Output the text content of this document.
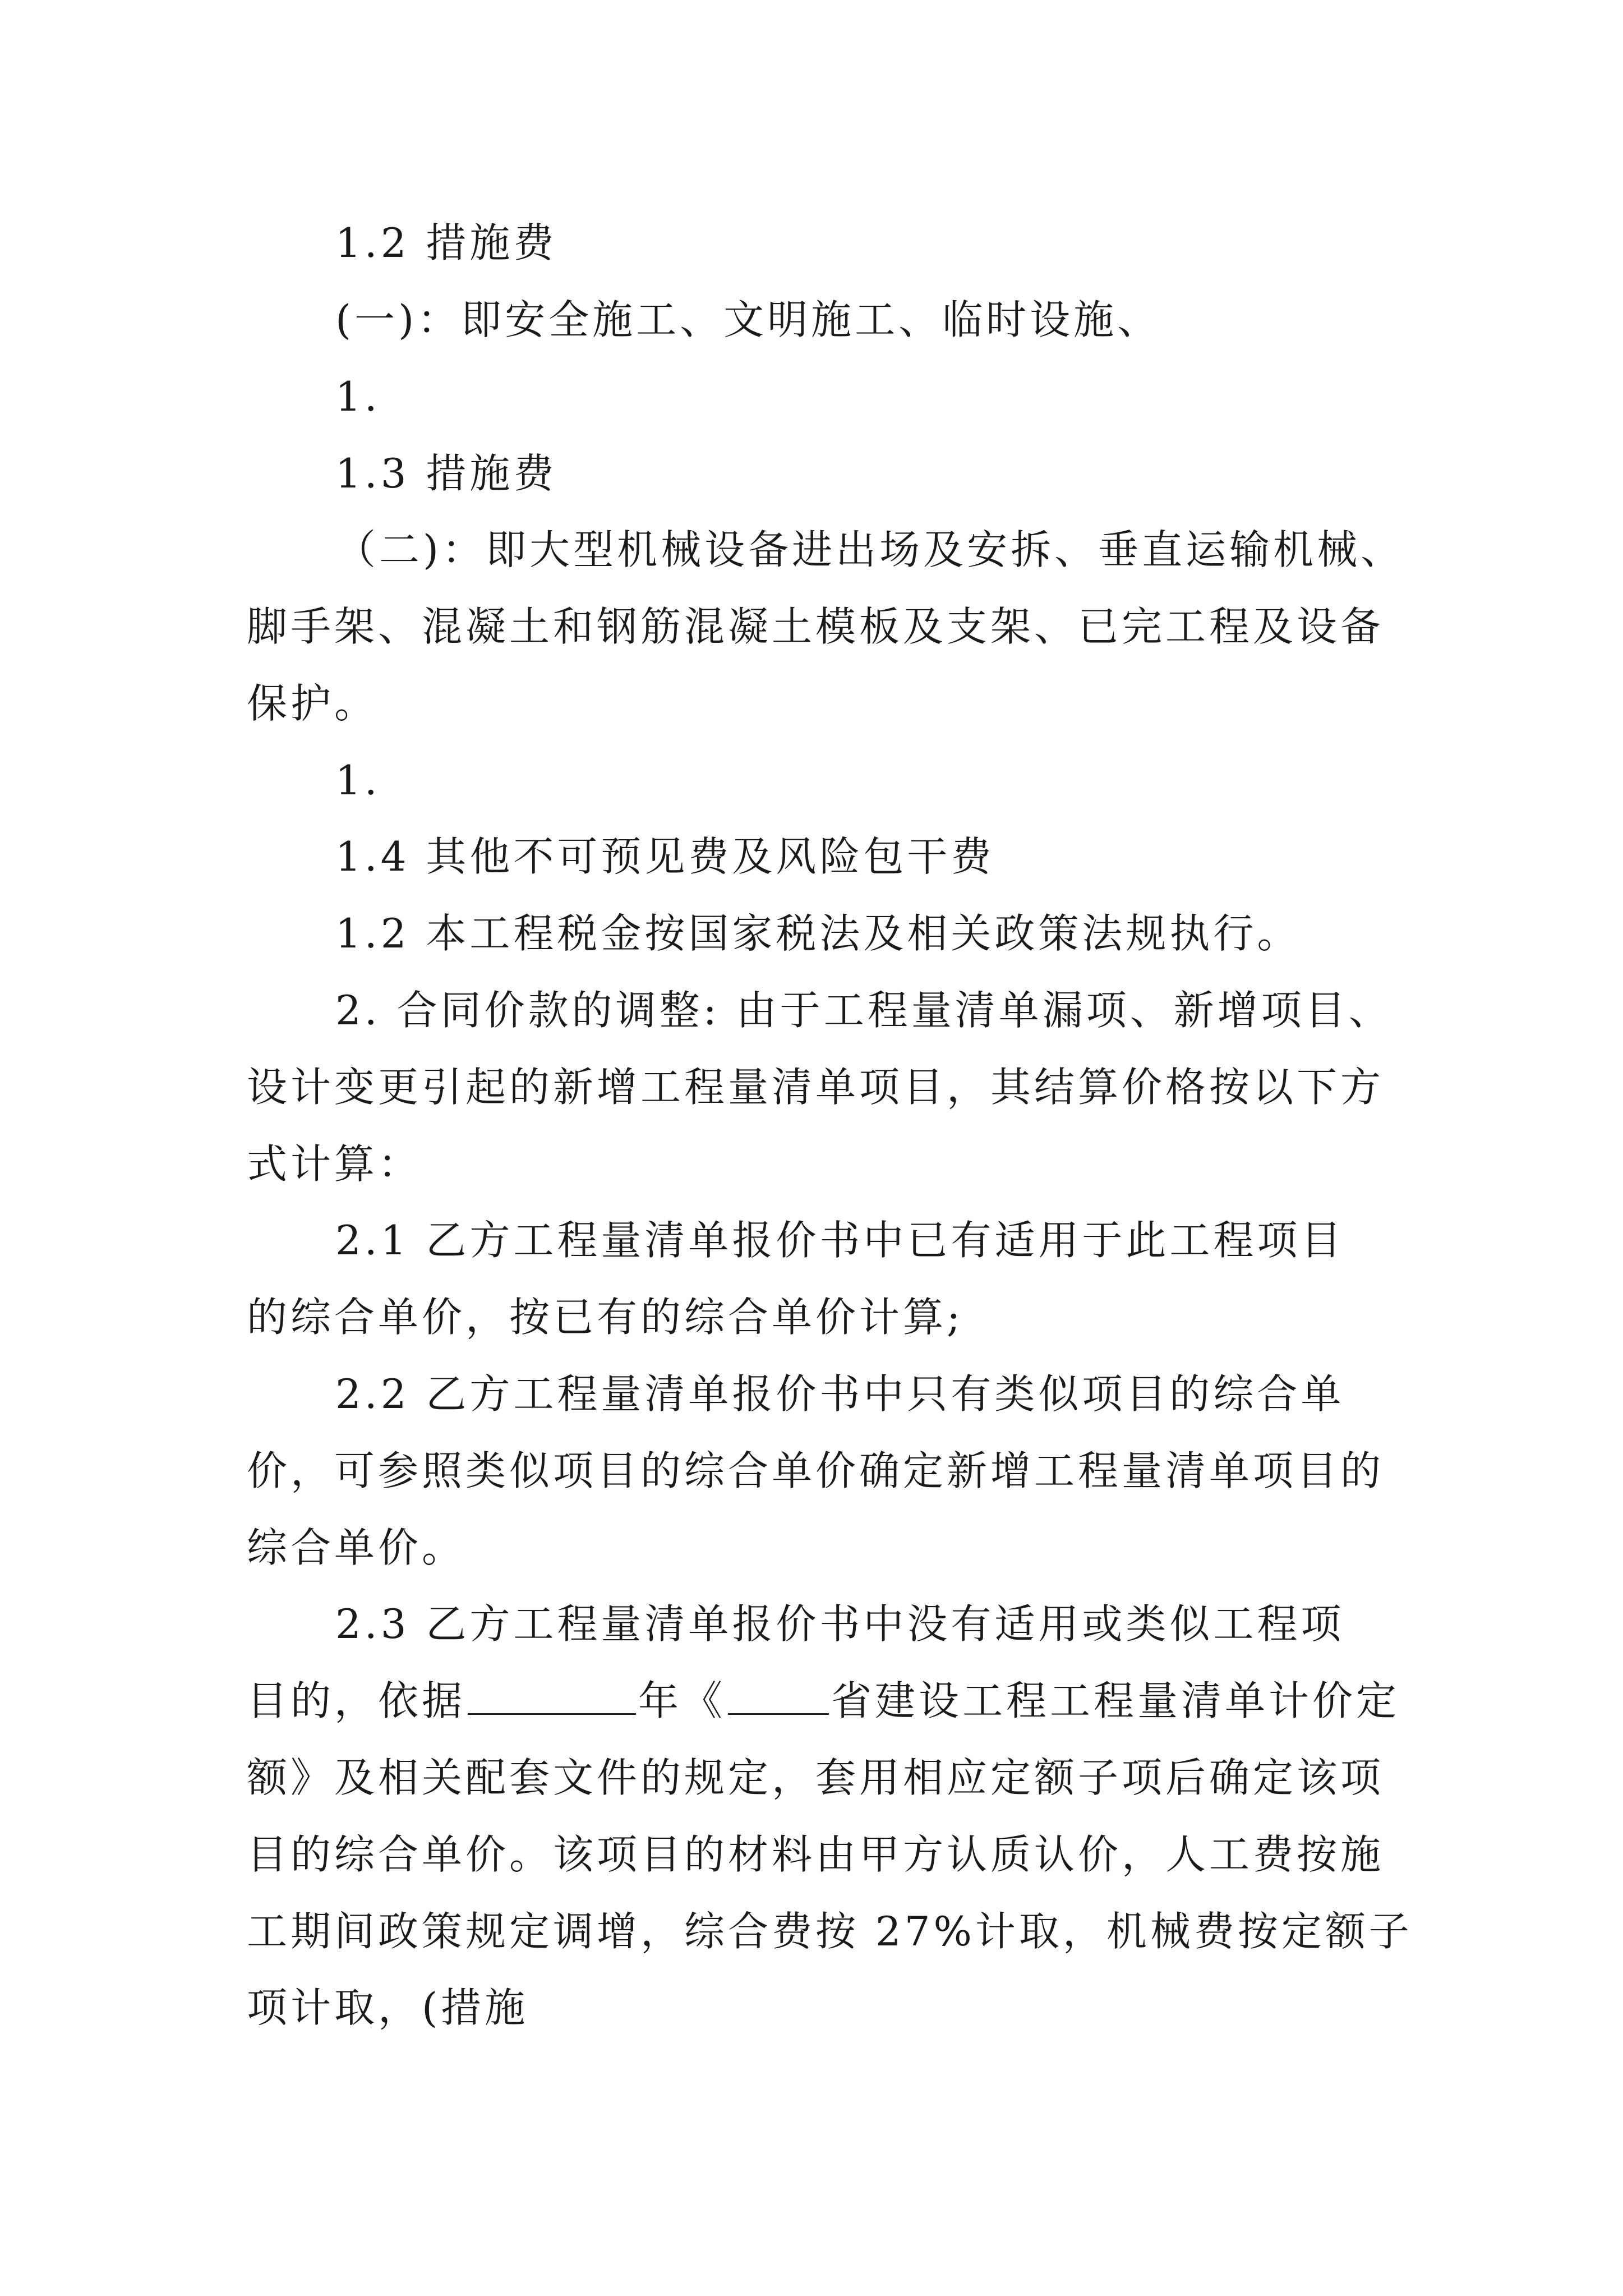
1.2 措施费
(一)：即安全施工、文明施工、临时设施、
1.
1.3 措施费
（二)：即大型机械设备进出场及安拆、垂直运输机械、
脚手架、混凝土和钢筋混凝土模板及支架、已完工程及设备
保护。
1.
1.4 其他不可预见费及风险包干费
1.2 本工程税金按国家税法及相关政策法规执行。
2. 合同价款的调整: 由于工程量清单漏项、新增项目、
设计变更引起的新增工程量清单项目，其结算价格按以下方
式计算：
2.1 乙方工程量清单报价书中已有适用于此工程项目
的综合单价，按已有的综合单价计算;
2.2 乙方工程量清单报价书中只有类似项目的综合单
价，可参照类似项目的综合单价确定新增工程量清单项目的
综合单价。
2.3 乙方工程量清单报价书中没有适用或类似工程项
目的，依据	年《	省建设工程工程量清单计价定
额》及相关配套文件的规定，套用相应定额子项后确定该项
目的综合单价。该项目的材料由甲方认质认价，人工费按施
工期间政策规定调增，综合费按 27%计取，机械费按定额子
项计取，(措施
